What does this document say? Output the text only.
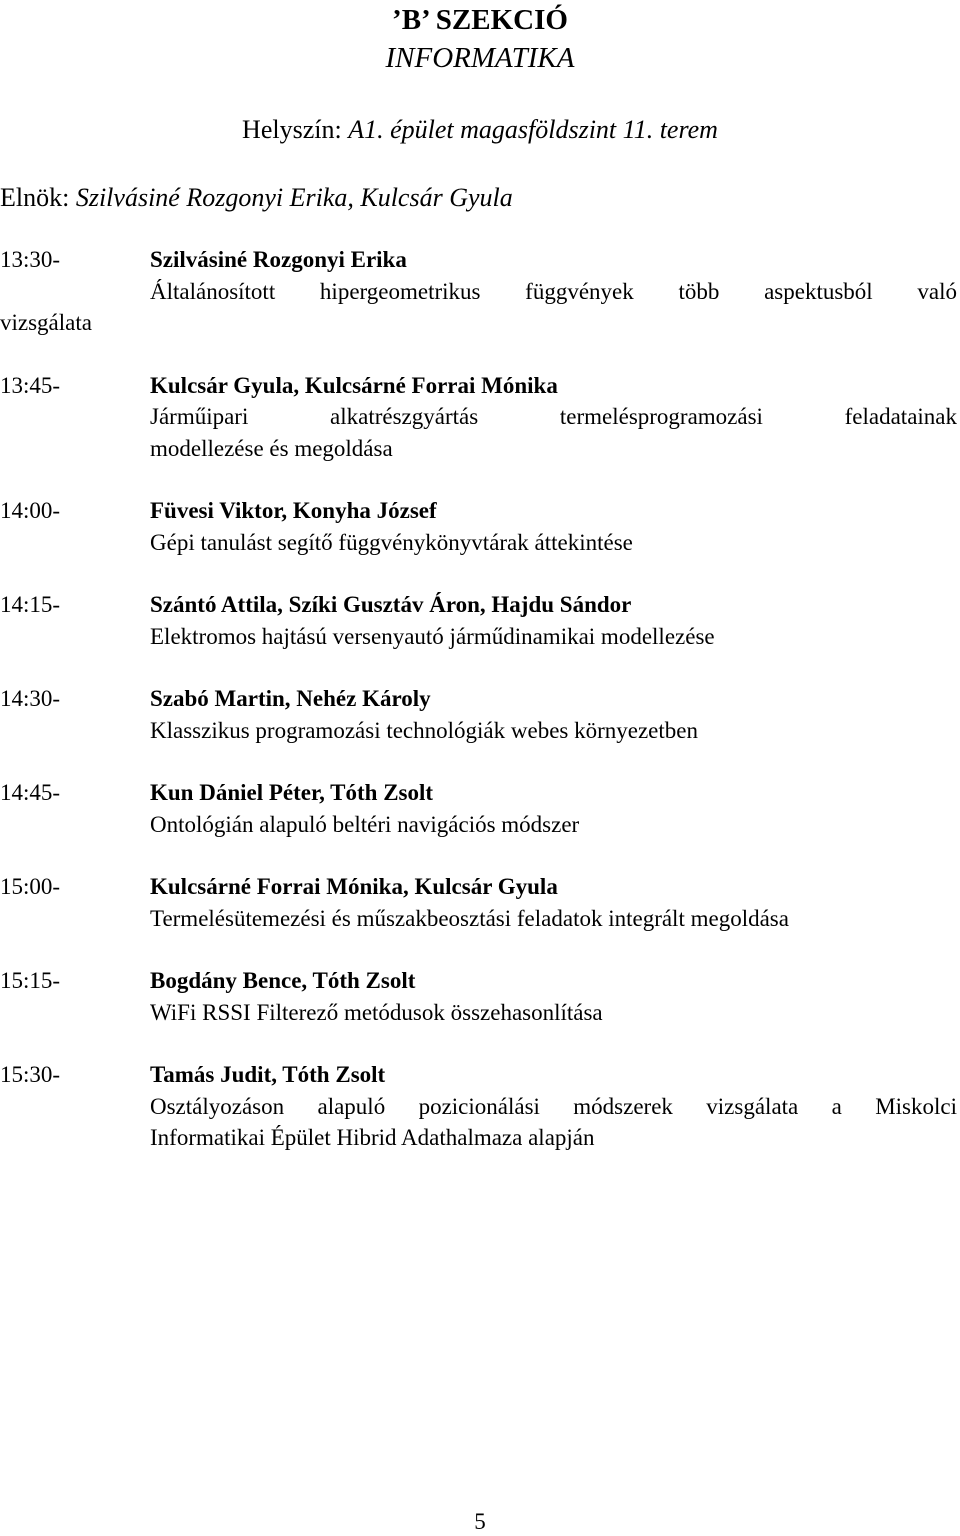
’B’ SZEKCIÓ
INFORMATIKA
Helyszín: A1. épület magasföldszint 11. terem
Elnök: Szilvásiné Rozgonyi Erika, Kulcsár Gyula
13:30-	Szilvásiné Rozgonyi Erika
Általánosított hipergeometrikus függvények több aspektusból való
vizsgálata
13:45-	Kulcsár Gyula, Kulcsárné Forrai Mónika
Járműipari alkatrészgyártás termelésprogramozási feladatainak
modellezése és megoldása
14:00-	Füvesi Viktor, Konyha József
Gépi tanulást segítő függvénykönyvtárak áttekintése
14:15-	Szántó Attila, Szíki Gusztáv Áron, Hajdu Sándor
Elektromos hajtású versenyautó járműdinamikai modellezése
14:30-	Szabó Martin, Nehéz Károly
Klasszikus programozási technológiák webes környezetben
14:45-	Kun Dániel Péter, Tóth Zsolt
Ontológián alapuló beltéri navigációs módszer
15:00-	Kulcsárné Forrai Mónika, Kulcsár Gyula
Termelésütemezési és műszakbeosztási feladatok integrált megoldása
15:15-	Bogdány Bence, Tóth Zsolt
WiFi RSSI Filterező metódusok összehasonlítása
15:30-	Tamás Judit, Tóth Zsolt
Osztályozáson alapuló pozicionálási módszerek vizsgálata a Miskolci
Informatikai Épület Hibrid Adathalmaza alapján
5
